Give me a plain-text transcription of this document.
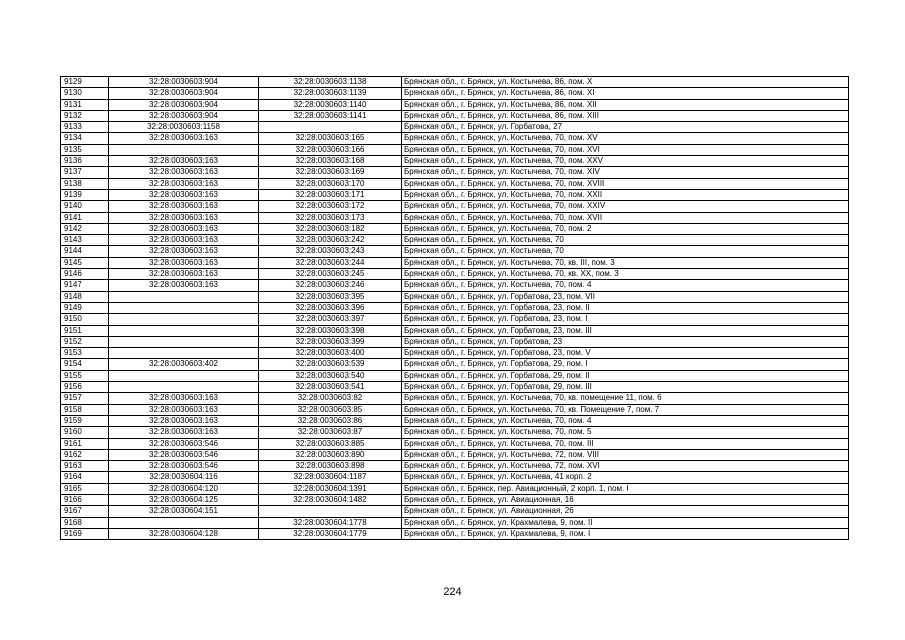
9129	32:28:0030603:904	32:28:0030603:1138	Брянская обл., г. Брянск, ул. Костычева, 86, пом. X
9130	32:28:0030603:904	32:28:0030603:1139	Брянская обл., г. Брянск, ул. Костычева, 86, пом. XI
9131	32:28:0030603:904	32:28:0030603:1140	Брянская обл., г. Брянск, ул. Костычева, 86, пом. XII
9132	32:28:0030603:904	32:28:0030603:1141	Брянская обл., г. Брянск, ул. Костычева, 86, пом. XIII
9133	32:28:0030603:1158		Брянская обл., г. Брянск, ул. Горбатова, 27
9134	32:28:0030603:163	32:28:0030603:165	Брянская обл., г. Брянск, ул. Костычева, 70, пом. XV
9135		32:28:0030603:166	Брянская обл., г. Брянск, ул. Костычева, 70, пом. XVI
9136	32:28:0030603:163	32:28:0030603:168	Брянская обл., г. Брянск, ул. Костычева, 70, пом. XXV
9137	32:28:0030603:163	32:28:0030603:169	Брянская обл., г. Брянск, ул. Костычева, 70, пом. XIV
9138	32:28:0030603:163	32:28:0030603:170	Брянская обл., г. Брянск, ул. Костычева, 70, пом. XVIII
9139	32:28:0030603:163	32:28:0030603:171	Брянская обл., г. Брянск, ул. Костычева, 70, пом. XXII
9140	32:28:0030603:163	32:28:0030603:172	Брянская обл., г. Брянск, ул. Костычева, 70, пом. XXIV
9141	32:28:0030603:163	32:28:0030603:173	Брянская обл., г. Брянск, ул. Костычева, 70, пом. XVII
9142	32:28:0030603:163	32:28:0030603:182	Брянская обл., г. Брянск, ул. Костычева, 70, пом. 2
9143	32:28:0030603:163	32:28:0030603:242	Брянская обл., г. Брянск, ул. Костычева, 70
9144	32:28:0030603:163	32:28:0030603:243	Брянская обл., г. Брянск, ул. Костычева, 70
9145	32:28:0030603:163	32:28:0030603:244	Брянская обл., г. Брянск, ул. Костычева, 70, кв. III, пом. 3
9146	32:28:0030603:163	32:28:0030603:245	Брянская обл., г. Брянск, ул. Костычева, 70, кв. XX, пом. 3
9147	32:28:0030603:163	32:28:0030603:246	Брянская обл., г. Брянск, ул. Костычева, 70, пом. 4
9148		32:28:0030603:395	Брянская обл., г. Брянск, ул. Горбатова, 23, пом. VII
9149		32:28:0030603:396	Брянская обл., г. Брянск, ул. Горбатова, 23, пом. II
9150		32:28:0030603:397	Брянская обл., г. Брянск, ул. Горбатова, 23, пом. I
9151		32:28:0030603:398	Брянская обл., г. Брянск, ул. Горбатова, 23, пом. III
9152		32:28:0030603:399	Брянская обл., г. Брянск, ул. Горбатова, 23
9153		32:28:0030603:400	Брянская обл., г. Брянск, ул. Горбатова, 23, пом. V
9154	32:28:0030603:402	32:28:0030603:539	Брянская обл., г. Брянск, ул. Горбатова, 29, пом. I
9155		32:28:0030603:540	Брянская обл., г. Брянск, ул. Горбатова, 29, пом. II
9156		32:28:0030603:541	Брянская обл., г. Брянск, ул. Горбатова, 29, пом. III
9157	32:28:0030603:163	32:28:0030603:82	Брянская обл., г. Брянск, ул. Костычева, 70, кв. помещение 11, пом. 6
9158	32:28:0030603:163	32:28:0030603:85	Брянская обл., г. Брянск, ул. Костычева, 70, кв. Помещение 7, пом. 7
9159	32:28:0030603:163	32:28:0030603:86	Брянская обл., г. Брянск, ул. Костычева, 70, пом. 4
9160	32:28:0030603:163	32:28:0030603:87	Брянская обл., г. Брянск, ул. Костычева, 70, пом. 5
9161	32:28:0030603:546	32:28:0030603:885	Брянская обл., г. Брянск, ул. Костычева, 70, пом. III
9162	32:28:0030603:546	32:28:0030603:890	Брянская обл., г. Брянск, ул. Костычева, 72, пом. VIII
9163	32:28:0030603:546	32:28:0030603:898	Брянская обл., г. Брянск, ул. Костычева, 72, пом. XVI
9164	32:28:0030604:116	32:28:0030604:1187	Брянская обл., г. Брянск, ул. Костычева, 41 корп. 2
9165	32:28:0030604:120	32:28:0030604:1391	Брянская обл., г. Брянск, пер. Авиационный, 2 корп. 1, пом. I
9166	32:28:0030604:125	32:28:0030604:1482	Брянская обл., г. Брянск, ул. Авиационная, 16
9167	32:28:0030604:151		Брянская обл., г. Брянск, ул. Авиационная, 26
9168		32:28:0030604:1778	Брянская обл., г. Брянск, ул. Крахмалева, 9, пом. II
9169	32:28:0030604:128	32:28:0030604:1779	Брянская обл., г. Брянск, ул. Крахмалева, 9, пом. I
224
